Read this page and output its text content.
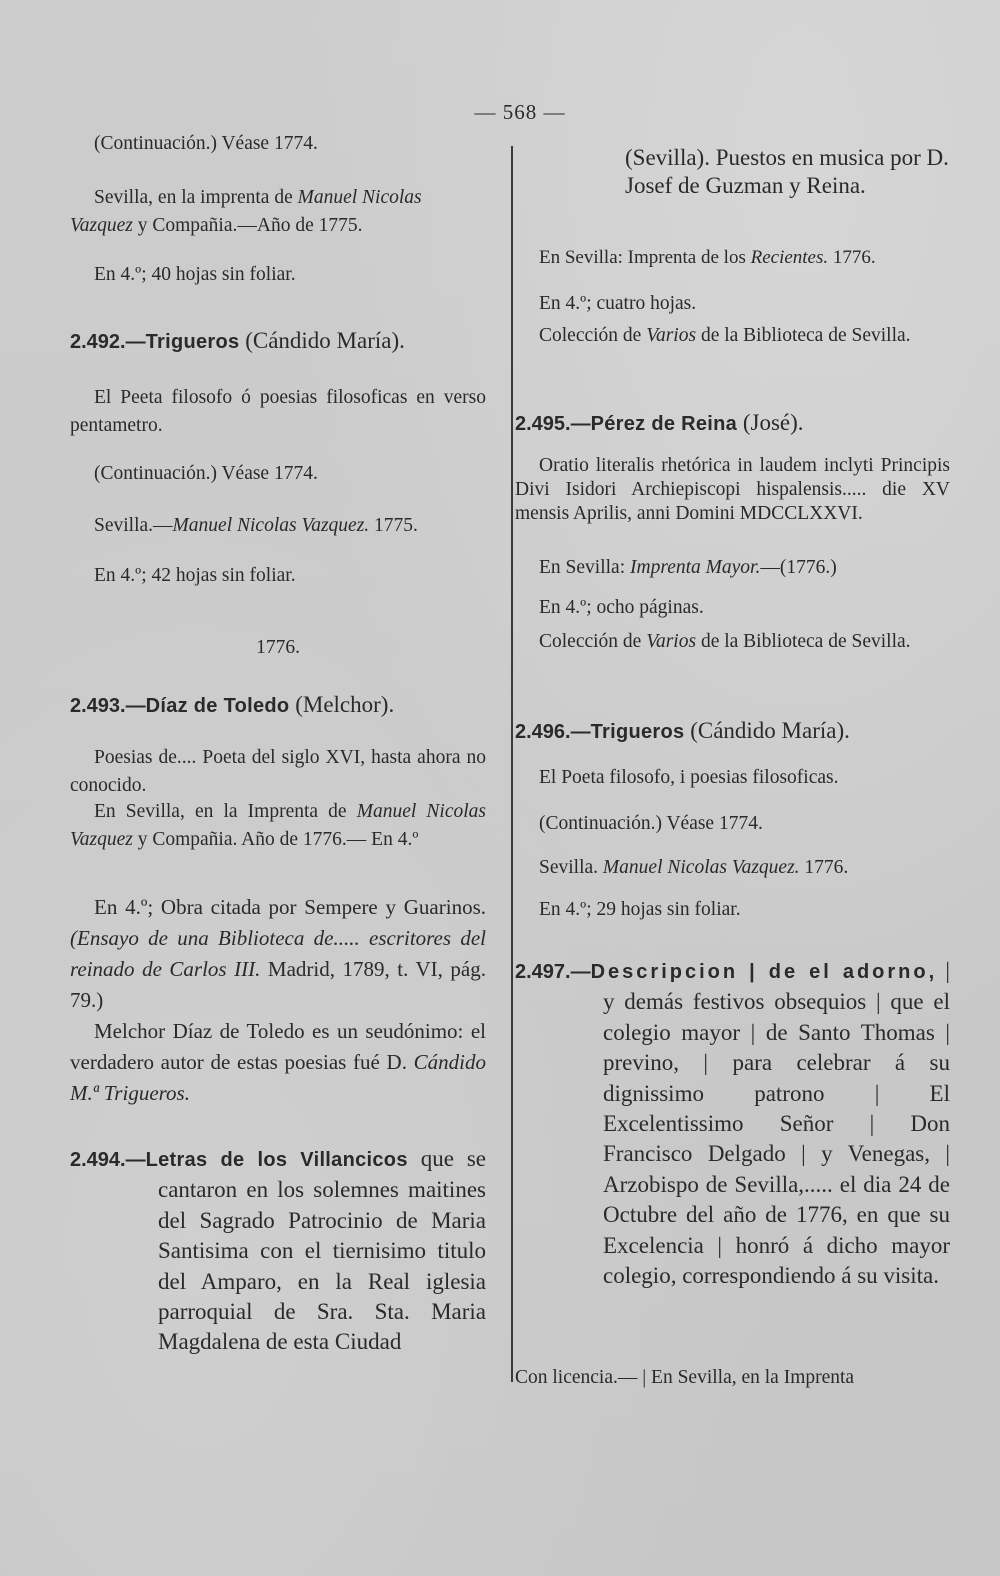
— 568 —
(Continuación.) Véase 1774.
Sevilla, en la imprenta de Manuel Nicolas Vazquez y Compañia.—Año de 1775.
En 4.º; 40 hojas sin foliar.
2.492.—Trigueros (Cándido María).
El Peeta filosofo ó poesias filosoficas en verso pentametro.
(Continuación.) Véase 1774.
Sevilla.—Manuel Nicolas Vazquez. 1775.
En 4.º; 42 hojas sin foliar.
1776.
2.493.—Díaz de Toledo (Melchor).
Poesias de.... Poeta del siglo XVI, hasta ahora no conocido.
En Sevilla, en la Imprenta de Manuel Nicolas Vazquez y Compañia. Año de 1776.— En 4.º
En 4.º; Obra citada por Sempere y Guarinos. (Ensayo de una Biblioteca de..... escritores del reinado de Carlos III. Madrid, 1789, t. VI, pág. 79.)
Melchor Díaz de Toledo es un seudónimo: el verdadero autor de estas poesias fué D. Cándido M.ª Trigueros.
2.494.—Letras de los Villancicos que se cantaron en los solemnes maitines del Sagrado Patrocinio de Maria Santisima con el tiernisimo titulo del Amparo, en la Real iglesia parroquial de Sra. Sta. Maria Magdalena de esta Ciudad
(Sevilla). Puestos en musica por D. Josef de Guzman y Reina.
En Sevilla: Imprenta de los Recientes. 1776.
En 4.º; cuatro hojas.
Colección de Varios de la Biblioteca de Sevilla.
2.495.—Pérez de Reina (José).
Oratio literalis rhetórica in laudem inclyti Principis Divi Isidori Archiepiscopi hispalensis..... die XV mensis Aprilis, anni Domini MDCCLXXVI.
En Sevilla: Imprenta Mayor.—(1776.)
En 4.º; ocho páginas.
Colección de Varios de la Biblioteca de Sevilla.
2.496.—Trigueros (Cándido María).
El Poeta filosofo, i poesias filosoficas.
(Continuación.) Véase 1774.
Sevilla. Manuel Nicolas Vazquez. 1776.
En 4.º; 29 hojas sin foliar.
2.497.—Descripcion | de el adorno, | y demás festivos obsequios | que el colegio mayor | de Santo Thomas | previno, | para celebrar á su dignissimo patrono | El Excelentissimo Señor | Don Francisco Delgado | y Venegas, | Arzobispo de Sevilla,..... el dia 24 de Octubre del año de 1776, en que su Excelencia | honró á dicho mayor colegio, correspondiendo á su visita.
Con licencia.— | En Sevilla, en la Imprenta
